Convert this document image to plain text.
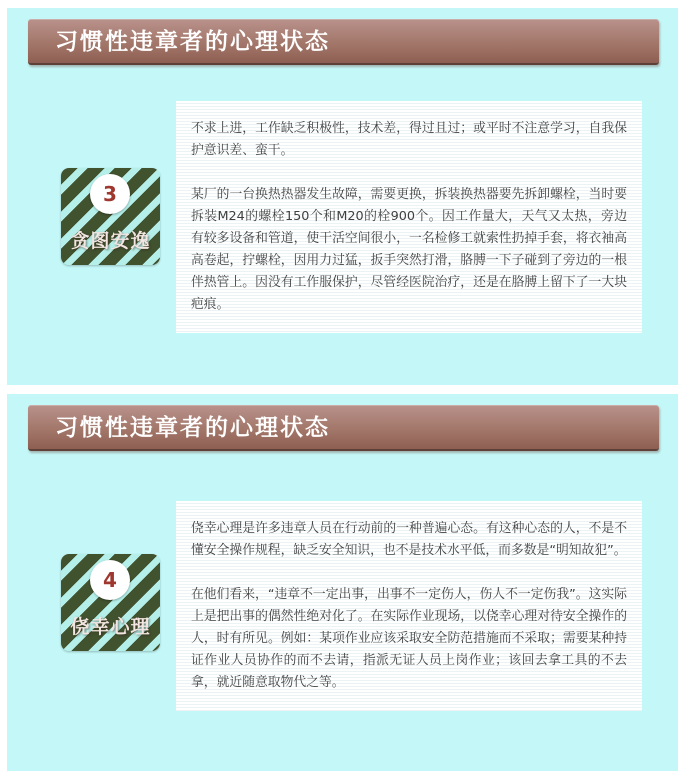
习惯性违章者的心理状态
3
贪图安逸

不求上进，工作缺乏积极性，技术差，得过且过；或平时不注意学习，自我保护意识差、蛮干。

某厂的一台换热热器发生故障，需要更换，拆装换热器要先拆卸螺栓，当时要拆装M24的螺栓150个和M20的栓900个。因工作量大，天气又太热，旁边有较多设备和管道，使干活空间很小，一名检修工就索性扔掉手套，将衣袖高高卷起，拧螺栓，因用力过猛，扳手突然打滑，胳膊一下子碰到了旁边的一根伴热管上。因没有工作服保护，尽管经医院治疗，还是在胳膊上留下了一大块疤痕。

习惯性违章者的心理状态
4
侥幸心理

侥幸心理是许多违章人员在行动前的一种普遍心态。有这种心态的人，不是不懂安全操作规程，缺乏安全知识，也不是技术水平低，而多数是“明知故犯”。

在他们看来，“违章不一定出事，出事不一定伤人，伤人不一定伤我”。这实际上是把出事的偶然性绝对化了。在实际作业现场，以侥幸心理对待安全操作的人，时有所见。例如：某项作业应该采取安全防范措施而不采取；需要某种持证作业人员协作的而不去请，指派无证人员上岗作业；该回去拿工具的不去拿，就近随意取物代之等。
